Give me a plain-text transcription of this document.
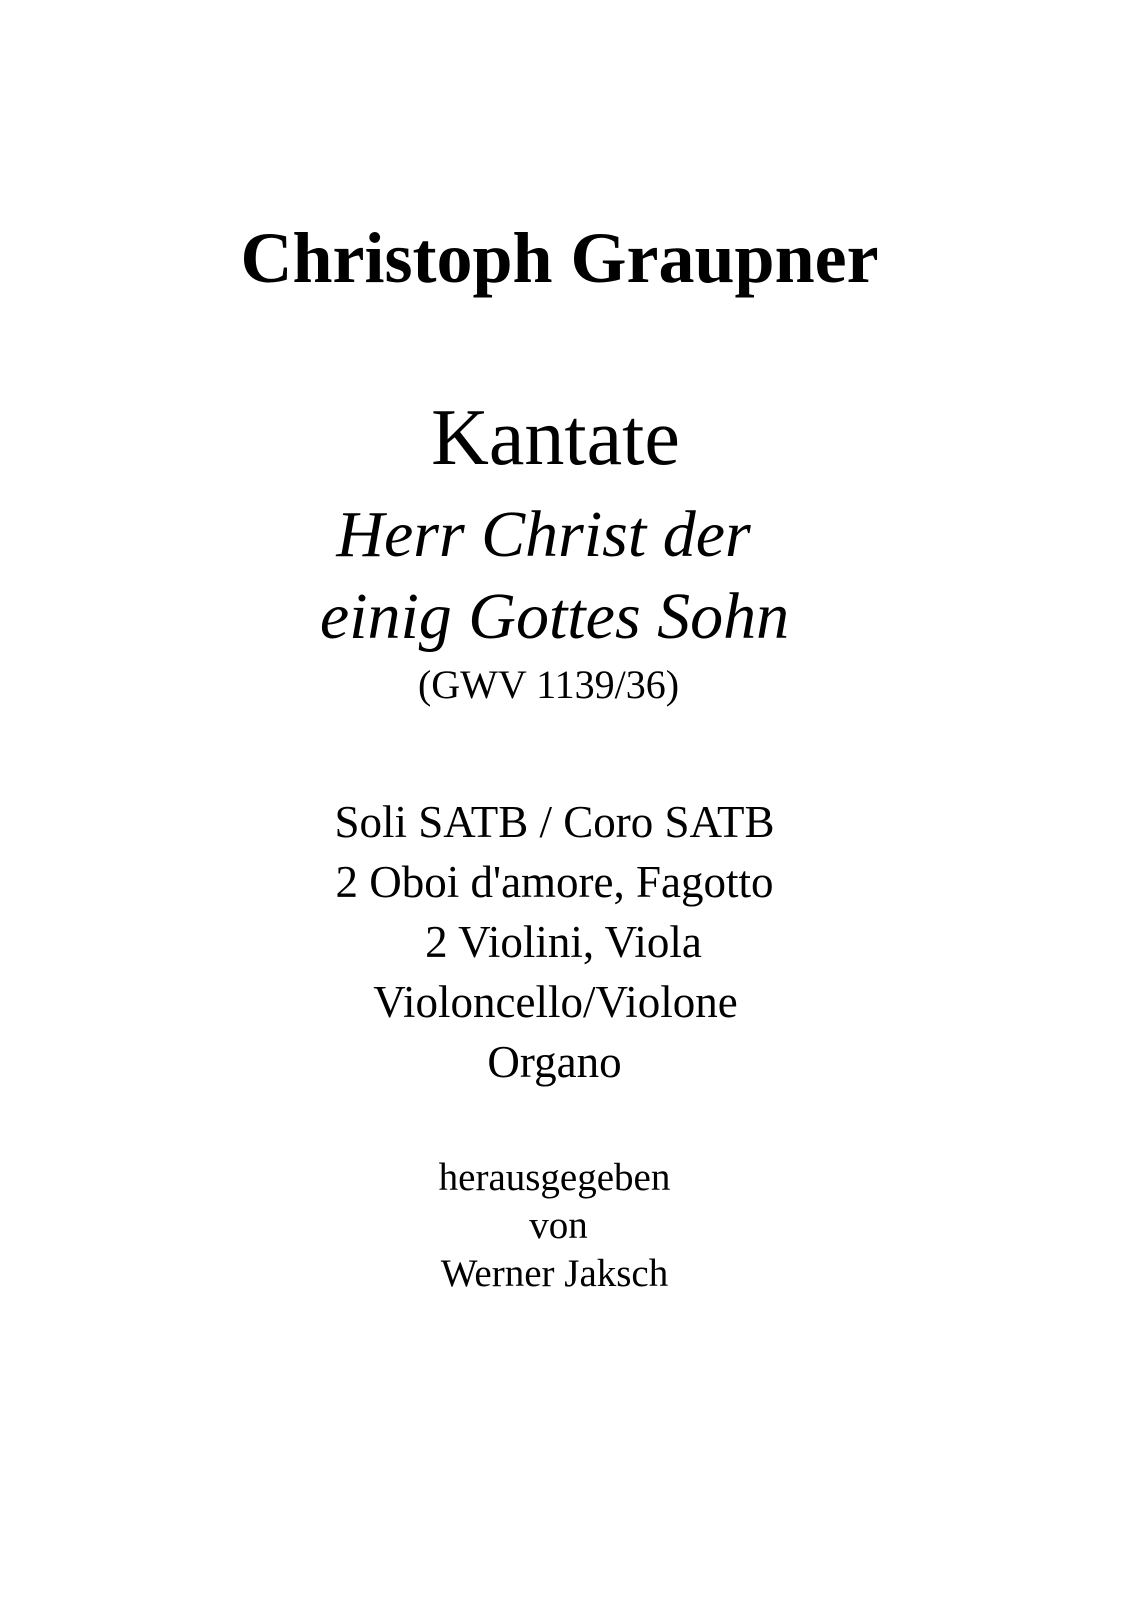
Christoph Graupner
Kantate
Herr Christ der
einig Gottes Sohn
(GWV 1139/36)
Soli SATB / Coro SATB
2 Oboi d'amore, Fagotto
2 Violini, Viola
Violoncello/Violone
Organo
herausgegeben
von
Werner Jaksch
